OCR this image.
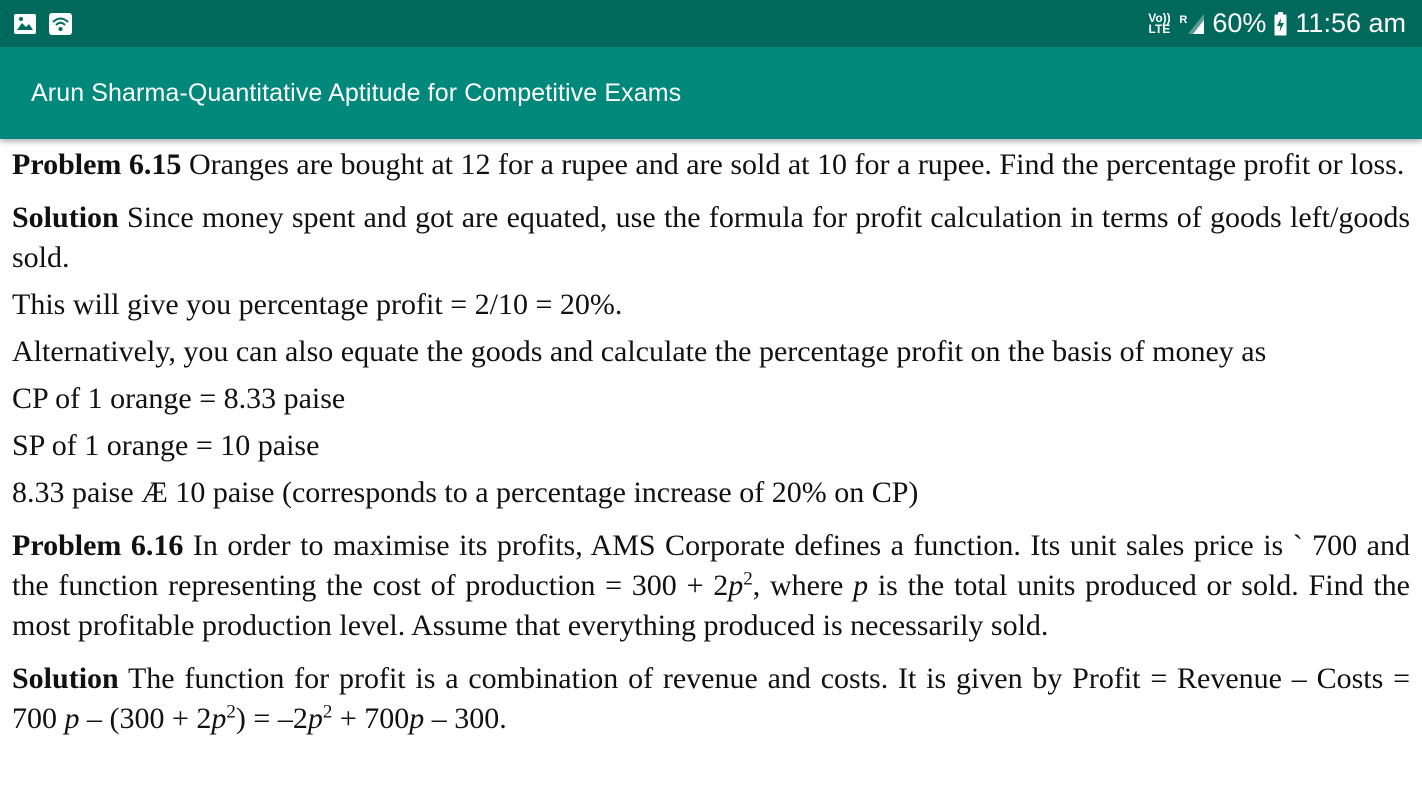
Vo))
LTE
R 60% 11:56 am
Arun Sharma-Quantitative Aptitude for Competitive Exams

Problem 6.15 Oranges are bought at 12 for a rupee and are sold at 10 for a rupee. Find the percentage profit or loss.

Solution Since money spent and got are equated, use the formula for profit calculation in terms of goods left/goods sold.

This will give you percentage profit = 2/10 = 20%.

Alternatively, you can also equate the goods and calculate the percentage profit on the basis of money as

CP of 1 orange = 8.33 paise

SP of 1 orange = 10 paise

8.33 paise Æ 10 paise (corresponds to a percentage increase of 20% on CP)

Problem 6.16 In order to maximise its profits, AMS Corporate defines a function. Its unit sales price is ` 700 and the function representing the cost of production = $300 + 2p^2$, where p is the total units produced or sold. Find the most profitable production level. Assume that everything produced is necessarily sold.

Solution The function for profit is a combination of revenue and costs. It is given by Profit = Revenue – Costs = 700 $p - (300 + 2p^2) = -2p^2 + 700p - 300$.
